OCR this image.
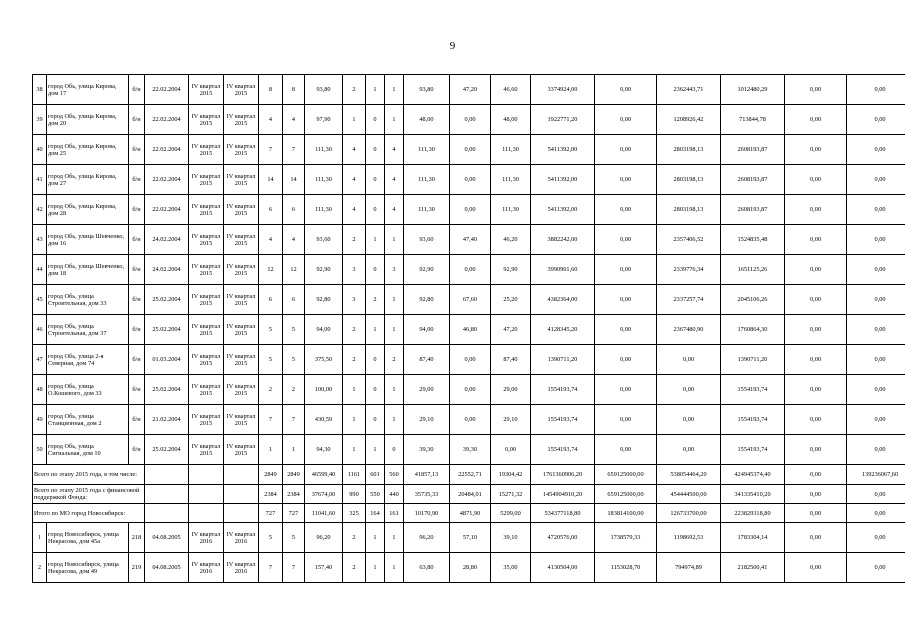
9
38	город Обь, улица Кирова, дом 17	б/н	22.02.2004	IV квартал 2015	IV квартал 2015	8	8	93,80	2	1	1	93,80	47,20	46,60	3374924,00	0,00	2362443,71	1012480,29	0,00	0,00
39	город Обь, улица Кирова, дом 20	б/н	22.02.2004	IV квартал 2015	IV квартал 2015	4	4	97,90	1	0	1	48,00	0,00	48,00	1922771,20	0,00	1208926,42	713844,78	0,00	0,00
40	город Обь, улица Кирова, дом 25	б/н	22.02.2004	IV квартал 2015	IV квартал 2015	7	7	111,30	4	0	4	111,30	0,00	111,30	5411392,00	0,00	2803198,13	2608193,87	0,00	0,00
41	город Обь, улица Кирова, дом 27	б/н	22.02.2004	IV квартал 2015	IV квартал 2015	14	14	111,30	4	0	4	111,30	0,00	111,30	5411392,00	0,00	2803198,13	2608193,87	0,00	0,00
42	город Обь, улица Кирова, дом 28	б/н	22.02.2004	IV квартал 2015	IV квартал 2015	6	6	111,30	4	0	4	111,30	0,00	111,30	5411392,00	0,00	2803198,13	2608193,87	0,00	0,00
43	город Обь, улица Шевченко, дом 16	б/н	24.02.2004	IV квартал 2015	IV квартал 2015	4	4	93,60	2	1	1	93,60	47,40	46,20	3882242,00	0,00	2357406,52	1524835,48	0,00	0,00
44	город Обь, улица Шевченко, дом 18	б/н	24.02.2004	IV квартал 2015	IV квартал 2015	12	12	92,90	3	0	3	92,90	0,00	92,90	3990901,60	0,00	2339776,34	1651125,26	0,00	0,00
45	город Обь, улица Строительная, дом 33	б/н	25.02.2004	IV квартал 2015	IV квартал 2015	6	6	92,80	3	2	1	92,80	67,60	25,20	4382364,00	0,00	2337257,74	2045106,26	0,00	0,00
46	город Обь, улица Строительная, дом 37	б/н	25.02.2004	IV квартал 2015	IV квартал 2015	5	5	94,00	2	1	1	94,00	46,80	47,20	4128345,20	0,00	2367480,90	1760864,30	0,00	0,00
47	город Обь, улица 2-я Северная, дом 74	б/н	01.03.2004	IV квартал 2015	IV квартал 2015	5	5	375,50	2	0	2	87,40	0,00	87,40	1390711,20	0,00	0,00	1390711,20	0,00	0,00
48	город Обь, улица О.Кошевого, дом 33	б/н	25.02.2004	IV квартал 2015	IV квартал 2015	2	2	100,00	1	0	1	29,00	0,00	29,00	1554193,74	0,00	0,00	1554193,74	0,00	0,00
49	город Обь, улица Станционная, дом 2	б/н	21.02.2004	IV квартал 2015	IV квартал 2015	7	7	430,59	1	0	1	29,10	0,00	29,10	1554193,74	0,00	0,00	1554193,74	0,00	0,00
50	город Обь, улица Сигнальная, дом 10	б/н	25.02.2004	IV квартал 2015	IV квартал 2015	1	1	94,30	1	1	0	39,30	39,30	0,00	1554193,74	0,00	0,00	1554193,74	0,00	0,00
Всего по этапу 2015 года, в том числе:						2849	2849	46599,40	1161	601	560	41857,13	22552,71	19304,42	1761360906,20	659125000,00	538054464,20	424945374,40	0,00	139236067,60
Всего по этапу 2015 года с финансовой поддержкой Фонда:						2384	2384	37674,00	990	550	440	35735,33	20484,01	15271,32	1454904910,20	659125000,00	454444500,00	341335410,20	0,00	0,00
Итого по МО город Новосибирск:						727	727	11041,60	325	164	161	10170,90	4871,90	5299,00	534377118,80	183814100,00	126733700,00	223829318,80	0,00	0,00
1	город Новосибирск, улица Некрасова, дом 45а	218	04.08.2005	IV квартал 2016	IV квартал 2016	5	5	96,20	2	1	1	96,20	57,10	39,10	4720576,00	1738579,33	1198692,53	1783304,14	0,00	0,00
2	город Новосибирск, улица Некрасова, дом 49	219	04.08.2005	IV квартал 2016	IV квартал 2016	7	7	157,40	2	1	1	63,80	28,80	35,00	4130504,00	1153028,70	794974,89	2182500,41	0,00	0,00
